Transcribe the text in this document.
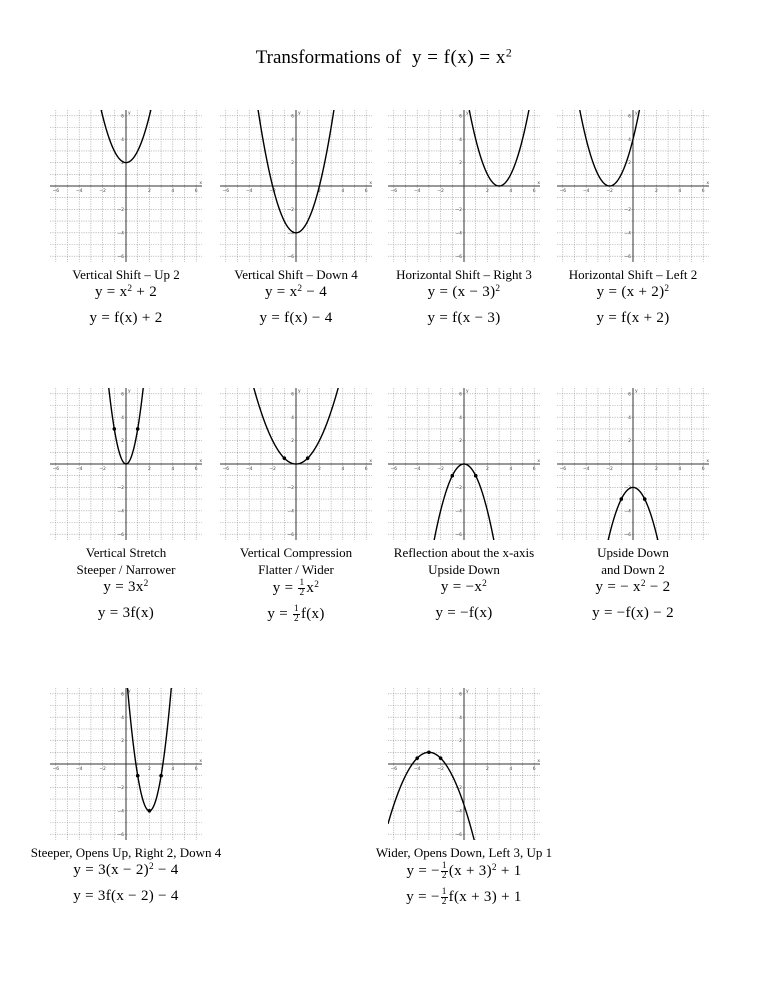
Transformations of $y = f(x) = x^2$
−6	−4	−2	2	4	6
6
4
2
−2
−4
−6
x
y
Vertical Shift – Up 2
$y = x^2 + 2$
y = f(x) + 2
−6	−4	−2	2	4	6
6
4
2
−2
−4
−6
x
y
Vertical Shift – Down 4
$y = x^2 - 4$
y = f(x) − 4
−6	−4	−2	2	4	6
6
4
2
−2
−4
−6
x
y
Horizontal Shift – Right 3
$y = (x - 3)^2$
y = f(x − 3)
−6	−4	−2	2	4	6
6
4
2
−2
−4
−6
x
y
Horizontal Shift – Left 2
$y = (x + 2)^2$
y = f(x + 2)
−6	−4	−2	2	4	6
6
4
2
−2
−4
−6
x
y
Vertical Stretch
Steeper / Narrower
$y = 3x^2$
y = 3f(x)
−6	−4	−2	2	4	6
6
4
2
−2
−4
−6
x
y
Vertical Compression
Flatter / Wider
$y = \frac{1}{2} x^2$
$y = \frac{1}{2} f(x)$
−6	−4	−2	2	4	6
6
4
2
−2
−4
−6
x
y
Reflection about the x-axis
Upside Down
$y = -x^2$
y = −f(x)
−6	−4	−2	2	4	6
6
4
2
−2
−4
−6
x
y
Upside Down
and Down 2
y = − $x^2 - 2$
y = −f(x) − 2
−6	−4	−2	2	4	6
6
4
2
−2
−4
−6
x
y
Steeper, Opens Up, Right 2, Down 4
$y = 3(x - 2)^2 - 4$
y = 3f(x − 2) − 4
−6	−4	−2	2	4	6
6
4
2
−2
−4
−6
x
y
Wider, Opens Down, Left 3, Up 1
y = − $\frac{1}{2} (x + 3)^2 + 1$
y = − $\frac{1}{2} f(x + 3) + 1$
